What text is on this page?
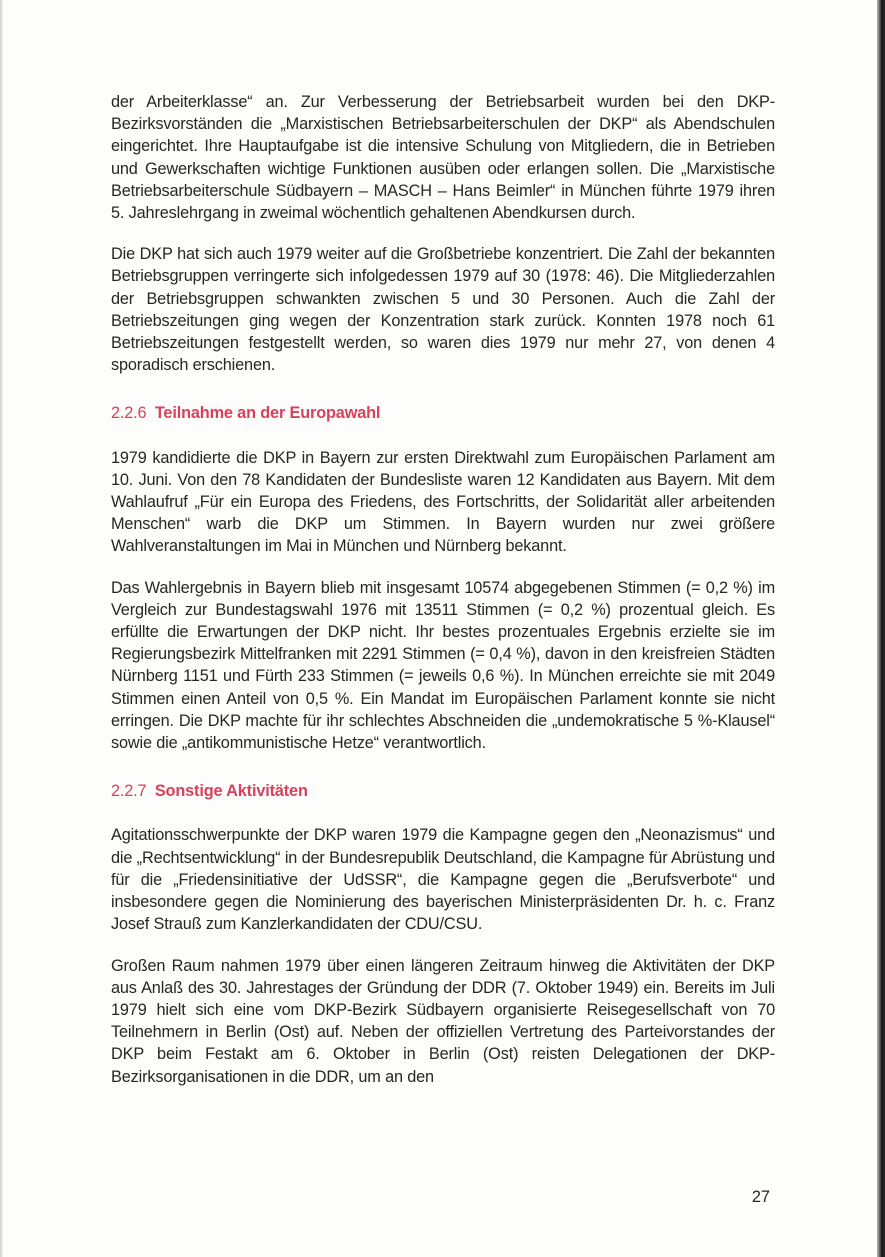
der Arbeiterklasse“ an. Zur Verbesserung der Betriebsarbeit wurden bei den DKP-Bezirksvorständen die „Marxistischen Betriebsarbeiterschulen der DKP“ als Abendschulen eingerichtet. Ihre Hauptaufgabe ist die intensive Schulung von Mitgliedern, die in Betrieben und Gewerkschaften wichtige Funktionen ausüben oder erlangen sollen. Die „Marxistische Betriebsarbeiterschule Südbayern – MASCH – Hans Beimler“ in München führte 1979 ihren 5. Jahreslehrgang in zweimal wöchentlich gehaltenen Abendkursen durch.

Die DKP hat sich auch 1979 weiter auf die Großbetriebe konzentriert. Die Zahl der bekannten Betriebsgruppen verringerte sich infolgedessen 1979 auf 30 (1978: 46). Die Mitgliederzahlen der Betriebsgruppen schwankten zwischen 5 und 30 Personen. Auch die Zahl der Betriebszeitungen ging wegen der Konzentration stark zurück. Konnten 1978 noch 61 Betriebszeitungen festgestellt werden, so waren dies 1979 nur mehr 27, von denen 4 sporadisch erschienen.

2.2.6 Teilnahme an der Europawahl

1979 kandidierte die DKP in Bayern zur ersten Direktwahl zum Europäischen Parlament am 10. Juni. Von den 78 Kandidaten der Bundesliste waren 12 Kandidaten aus Bayern. Mit dem Wahlaufruf „Für ein Europa des Friedens, des Fortschritts, der Solidarität aller arbeitenden Menschen“ warb die DKP um Stimmen. In Bayern wurden nur zwei größere Wahlveranstaltungen im Mai in München und Nürnberg bekannt.

Das Wahlergebnis in Bayern blieb mit insgesamt 10574 abgegebenen Stimmen (= 0,2 %) im Vergleich zur Bundestagswahl 1976 mit 13511 Stimmen (= 0,2 %) prozentual gleich. Es erfüllte die Erwartungen der DKP nicht. Ihr bestes prozentuales Ergebnis erzielte sie im Regierungsbezirk Mittelfranken mit 2291 Stimmen (= 0,4 %), davon in den kreisfreien Städten Nürnberg 1151 und Fürth 233 Stimmen (= jeweils 0,6 %). In München erreichte sie mit 2049 Stimmen einen Anteil von 0,5 %. Ein Mandat im Europäischen Parlament konnte sie nicht erringen. Die DKP machte für ihr schlechtes Abschneiden die „undemokratische 5 %-Klausel“ sowie die „antikommunistische Hetze“ verantwortlich.

2.2.7 Sonstige Aktivitäten

Agitationsschwerpunkte der DKP waren 1979 die Kampagne gegen den „Neonazismus“ und die „Rechtsentwicklung“ in der Bundesrepublik Deutschland, die Kampagne für Abrüstung und für die „Friedensinitiative der UdSSR“, die Kampagne gegen die „Berufsverbote“ und insbesondere gegen die Nominierung des bayerischen Ministerpräsidenten Dr. h. c. Franz Josef Strauß zum Kanzlerkandidaten der CDU/CSU.

Großen Raum nahmen 1979 über einen längeren Zeitraum hinweg die Aktivitäten der DKP aus Anlaß des 30. Jahrestages der Gründung der DDR (7. Oktober 1949) ein. Bereits im Juli 1979 hielt sich eine vom DKP-Bezirk Südbayern organisierte Reisegesellschaft von 70 Teilnehmern in Berlin (Ost) auf. Neben der offiziellen Vertretung des Parteivorstandes der DKP beim Festakt am 6. Oktober in Berlin (Ost) reisten Delegationen der DKP-Bezirksorganisationen in die DDR, um an den

27
